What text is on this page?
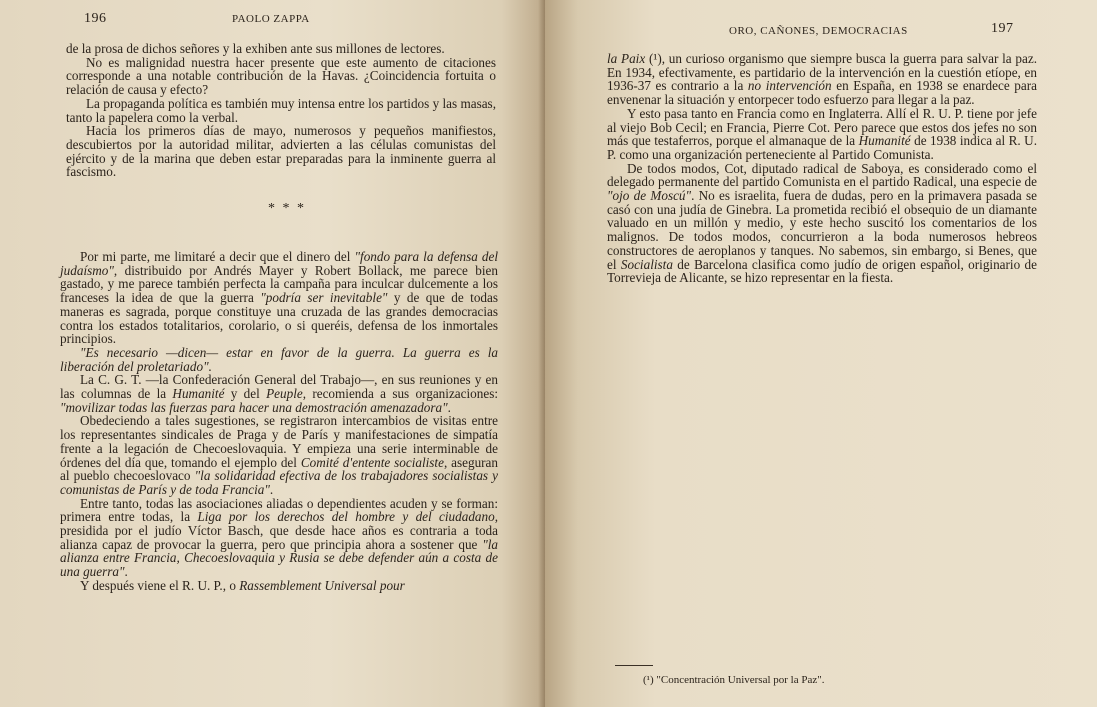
196	PAOLO ZAPPA

de la prosa de dichos señores y la exhiben ante sus millones de lectores.

No es malignidad nuestra hacer presente que este aumento de citaciones corresponde a una notable contribución de la Havas. ¿Coincidencia fortuita o relación de causa y efecto?

La propaganda política es también muy intensa entre los partidos y las masas, tanto la papelera como la verbal.

Hacia los primeros días de mayo, numerosos y pequeños manifiestos, descubiertos por la autoridad militar, advierten a las células comunistas del ejército y de la marina que deben estar preparadas para la inminente guerra al fascismo.

* * *

Por mi parte, me limitaré a decir que el dinero del "fondo para la defensa del judaísmo", distribuido por Andrés Mayer y Robert Bollack, me parece bien gastado, y me parece también perfecta la campaña para inculcar dulcemente a los franceses la idea de que la guerra "podría ser inevitable" y de que de todas maneras es sagrada, porque constituye una cruzada de las grandes democracias contra los estados totalitarios, corolario, o si queréis, defensa de los inmortales principios.

"Es necesario —dicen— estar en favor de la guerra. La guerra es la liberación del proletariado".

La C. G. T. —la Confederación General del Trabajo—, en sus reuniones y en las columnas de la Humanité y del Peuple, recomienda a sus organizaciones: "movilizar todas las fuerzas para hacer una demostración amenazadora".

Obedeciendo a tales sugestiones, se registraron intercambios de visitas entre los representantes sindicales de Praga y de París y manifestaciones de simpatía frente a la legación de Checoeslovaquia. Y empieza una serie interminable de órdenes del día que, tomando el ejemplo del Comité d'entente socialiste, aseguran al pueblo checoeslovaco "la solidaridad efectiva de los trabajadores socialistas y comunistas de París y de toda Francia".

Entre tanto, todas las asociaciones aliadas o dependientes acuden y se forman: primera entre todas, la Liga por los derechos del hombre y del ciudadano, presidida por el judío Víctor Basch, que desde hace años es contraria a toda alianza capaz de provocar la guerra, pero que principia ahora a sostener que "la alianza entre Francia, Checoeslovaquia y Rusia se debe defender aún a costa de una guerra".

Y después viene el R. U. P., o Rassemblement Universal pour

ORO, CAÑONES, DEMOCRACIAS	197

la Paix (¹), un curioso organismo que siempre busca la guerra para salvar la paz. En 1934, efectivamente, es partidario de la intervención en la cuestión etíope, en 1936-37 es contrario a la no intervención en España, en 1938 se enardece para envenenar la situación y entorpecer todo esfuerzo para llegar a la paz.

Y esto pasa tanto en Francia como en Inglaterra. Allí el R. U. P. tiene por jefe al viejo Bob Cecil; en Francia, Pierre Cot. Pero parece que estos dos jefes no son más que testaferros, porque el almanaque de la Humanité de 1938 indica al R. U. P. como una organización perteneciente al Partido Comunista.

De todos modos, Cot, diputado radical de Saboya, es considerado como el delegado permanente del partido Comunista en el partido Radical, una especie de "ojo de Moscú". No es israelita, fuera de dudas, pero en la primavera pasada se casó con una judía de Ginebra. La prometida recibió el obsequio de un diamante valuado en un millón y medio, y este hecho suscitó los comentarios de los malignos. De todos modos, concurrieron a la boda numerosos hebreos constructores de aeroplanos y tanques. No sabemos, sin embargo, si Benes, que el Socialista de Barcelona clasifica como judío de origen español, originario de Torrevieja de Alicante, se hizo representar en la fiesta.

(¹) "Concentración Universal por la Paz".
